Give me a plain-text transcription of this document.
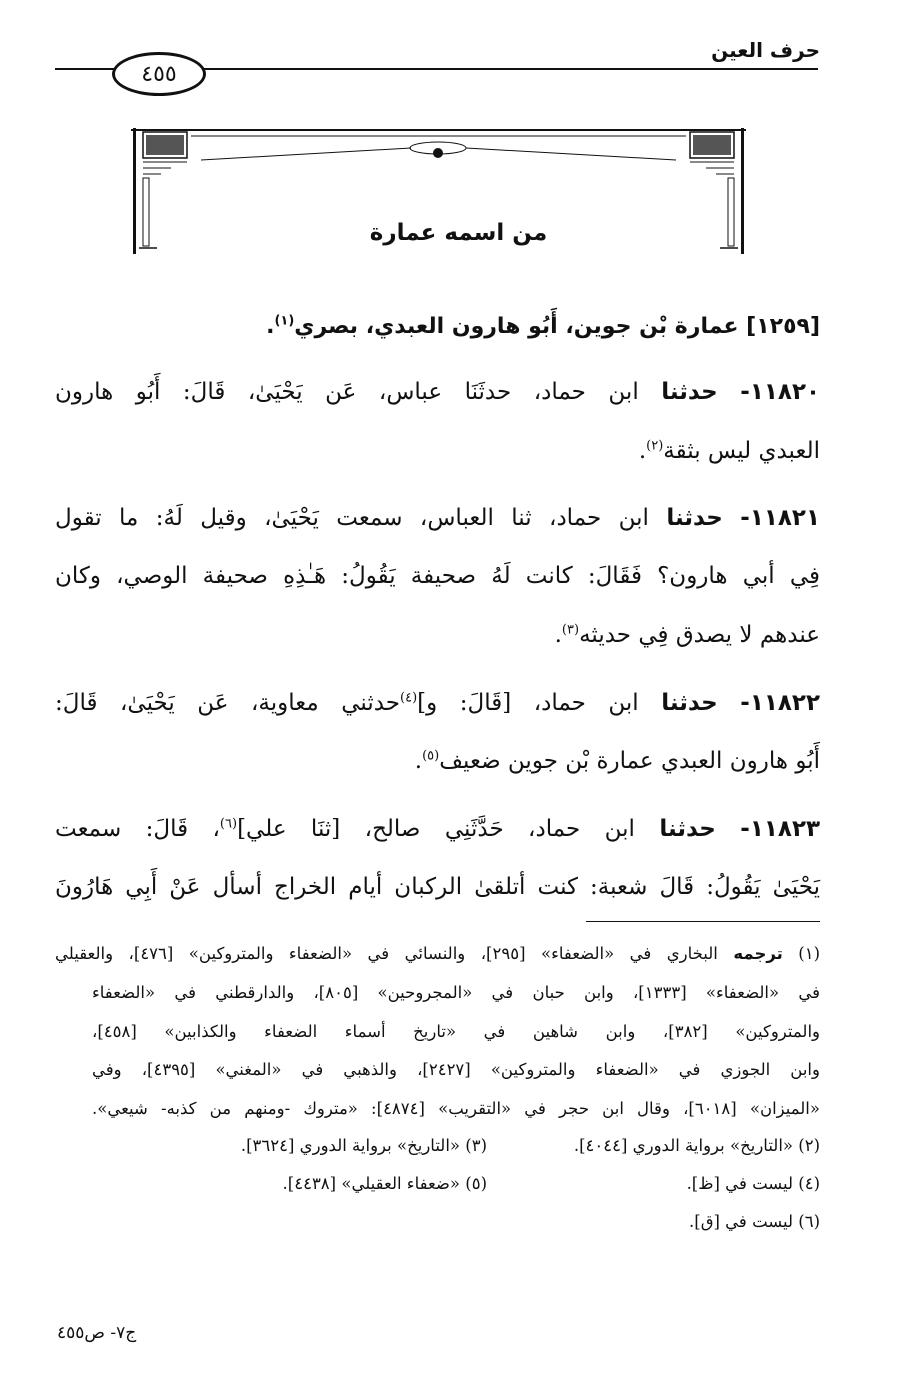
حرف العين
٤٥٥
من اسمه عمارة
[١٢٥٩] عمارة بْن جوين، أَبُو هارون العبدي، بصري$^{(١)}$.
١١٨٢٠- حدثنا ابن حماد، حدثَنَا عباس، عَن يَحْيَىٰ، قَالَ: أَبُو هارون
العبدي ليس بثقة$^{(٢)}$.
١١٨٢١- حدثنا ابن حماد، ثنا العباس، سمعت يَحْيَىٰ، وقيل لَهُ: ما تقول
فِي أبي هارون؟ فَقَالَ: كانت لَهُ صحيفة يَقُولُ: هَـٰذِهِ صحيفة الوصي، وكان
عندهم لا يصدق فِي حديثه$^{(٣)}$.
١١٨٢٢- حدثنا ابن حماد، [قَالَ: و]$^{(٤)}$حدثني معاوية، عَن يَحْيَىٰ، قَالَ:
أَبُو هارون العبدي عمارة بْن جوين ضعيف$^{(٥)}$.
١١٨٢٣- حدثنا ابن حماد، حَدَّثَنِي صالح، [ثنَا علي]$^{(٦)}$، قَالَ: سمعت
يَحْيَىٰ يَقُولُ: قَالَ شعبة: كنت أتلقىٰ الركبان أيام الخراج أسأل عَنْ أَبِي هَارُونَ
(١) ترجمه البخاري في «الضعفاء» [٢٩٥]، والنسائي في «الضعفاء والمتروكين» [٤٧٦]، والعقيلي
في «الضعفاء» [١٣٣٣]، وابن حبان في «المجروحين» [٨٠٥]، والدارقطني في «الضعفاء
والمتروكين» [٣٨٢]، وابن شاهين في «تاريخ أسماء الضعفاء والكذابين» [٤٥٨]،
وابن الجوزي في «الضعفاء والمتروكين» [٢٤٢٧]، والذهبي في «المغني» [٤٣٩٥]، وفي
«الميزان» [٦٠١٨]، وقال ابن حجر في «التقريب» [٤٨٧٤]: «متروك -ومنهم من كذبه- شيعي».
(٢) «التاريخ» برواية الدوري [٤٠٤٤].
(٣) «التاريخ» برواية الدوري [٣٦٢٤].
(٤) ليست في [ظ].
(٥) «ضعفاء العقيلي» [٤٤٣٨].
(٦) ليست في [ق].
ج٧- ص٤٥٥
